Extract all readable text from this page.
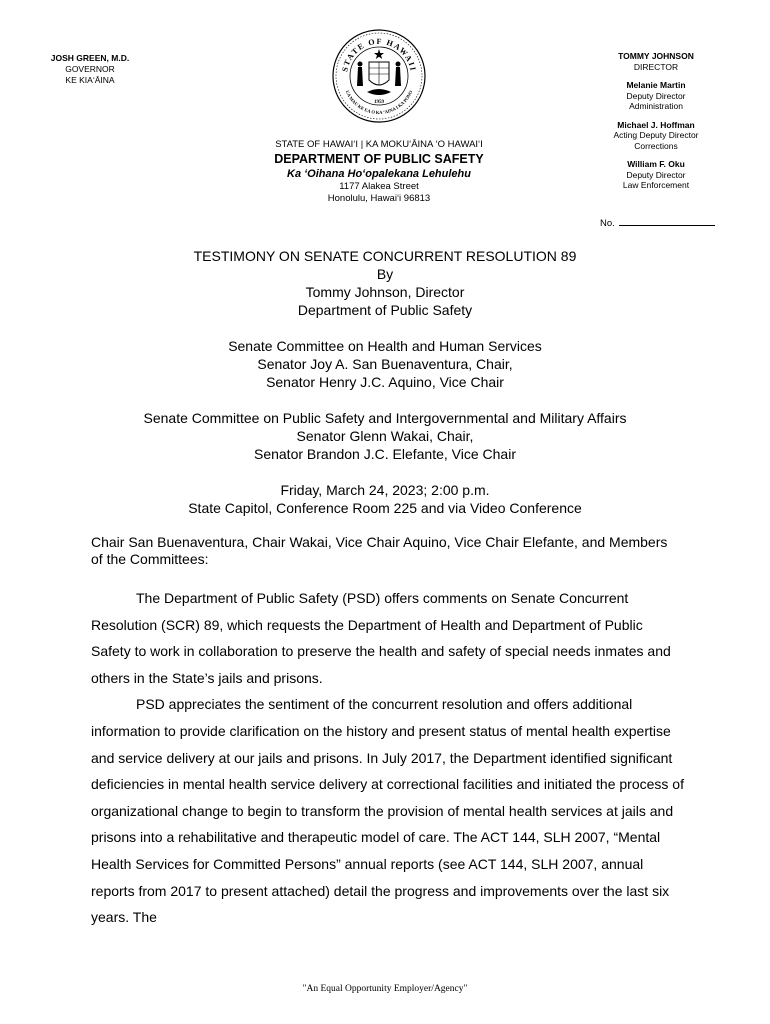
JOSH GREEN, M.D.
GOVERNOR
KE KIAʻĀINA
STATE OF HAWAII
UA MAU KE EA O KA ʻAINA I KA PONO
1959
STATE OF HAWAIʻI | KA MOKUʻĀINA ʻO HAWAIʻI
DEPARTMENT OF PUBLIC SAFETY
Ka ʻOihana Hoʻopalekana Lehulehu
1177 Alakea Street
Honolulu, Hawaiʻi 96813
TOMMY JOHNSON
DIRECTOR
Melanie Martin
Deputy Director
Administration
Michael J. Hoffman
Acting Deputy Director
Corrections
William F. Oku
Deputy Director
Law Enforcement
No.
TESTIMONY ON SENATE CONCURRENT RESOLUTION 89
By
Tommy Johnson, Director
Department of Public Safety
Senate Committee on Health and Human Services
Senator Joy A. San Buenaventura, Chair,
Senator Henry J.C. Aquino, Vice Chair
Senate Committee on Public Safety and Intergovernmental and Military Affairs
Senator Glenn Wakai, Chair,
Senator Brandon J.C. Elefante, Vice Chair
Friday, March 24, 2023; 2:00 p.m.
State Capitol, Conference Room 225 and via Video Conference
Chair San Buenaventura, Chair Wakai, Vice Chair Aquino, Vice Chair Elefante, and Members of the Committees:

The Department of Public Safety (PSD) offers comments on Senate Concurrent Resolution (SCR) 89, which requests the Department of Health and Department of Public Safety to work in collaboration to preserve the health and safety of special needs inmates and others in the State’s jails and prisons.

PSD appreciates the sentiment of the concurrent resolution and offers additional information to provide clarification on the history and present status of mental health expertise and service delivery at our jails and prisons. In July 2017, the Department identified significant deficiencies in mental health service delivery at correctional facilities and initiated the process of organizational change to begin to transform the provision of mental health services at jails and prisons into a rehabilitative and therapeutic model of care. The ACT 144, SLH 2007, “Mental Health Services for Committed Persons” annual reports (see ACT 144, SLH 2007, annual reports from 2017 to present attached) detail the progress and improvements over the last six years. The

"An Equal Opportunity Employer/Agency"
